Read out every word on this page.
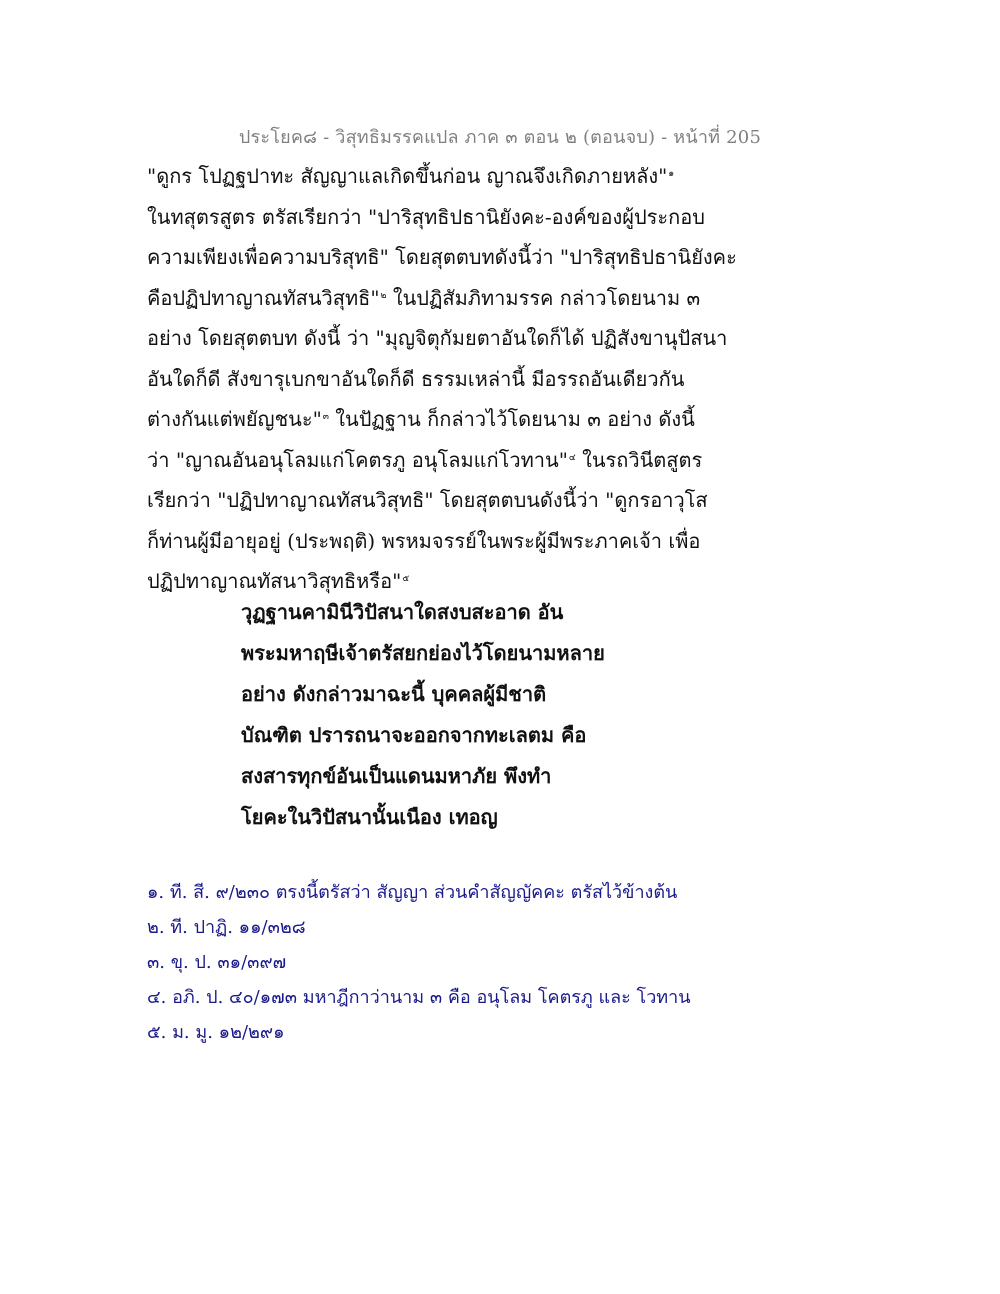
ประโยค๘ - วิสุทธิมรรคแปล ภาค ๓ ตอน ๒ (ตอนจบ) - หน้าที่ 205
"ดูกร โปฏฐปาทะ สัญญาแลเกิดขึ้นก่อน ญาณจึงเกิดภายหลัง"$^๑$
ในทสุตรสูตร ตรัสเรียกว่า "ปาริสุทธิปธานิยังคะ-องค์ของผู้ประกอบ
ความเพียงเพื่อความบริสุทธิ" โดยสุตตบทดังนี้ว่า "ปาริสุทธิปธานิยังคะ
คือปฏิปทาญาณทัสนวิสุทธิ"$^๒$ ในปฏิสัมภิทามรรค กล่าวโดยนาม ๓
อย่าง โดยสุตตบท ดังนี้ ว่า "มุญจิตุกัมยตาอันใดก็ได้ ปฏิสังขานุปัสนา
อันใดก็ดี สังขารุเบกขาอันใดก็ดี ธรรมเหล่านี้ มีอรรถอันเดียวกัน
ต่างกันแต่พยัญชนะ"$^๓$ ในปัฏฐาน ก็กล่าวไว้โดยนาม ๓ อย่าง ดังนี้
ว่า "ญาณอันอนุโลมแก่โคตรภู อนุโลมแก่โวทาน"$^๔$ ในรถวินีตสูตร
เรียกว่า "ปฏิปทาญาณทัสนวิสุทธิ" โดยสุตตบนดังนี้ว่า "ดูกรอาวุโส
ก็ท่านผู้มีอายุอยู่ (ประพฤติ) พรหมจรรย์ในพระผู้มีพระภาคเจ้า เพื่อ
ปฏิปทาญาณทัสนาวิสุทธิหรือ"$^๕$
วุฏฐานคามินีวิปัสนาใดสงบสะอาด อัน
พระมหาฤษีเจ้าตรัสยกย่องไว้โดยนามหลาย
อย่าง ดังกล่าวมาฉะนี้ บุคคลผู้มีชาติ
บัณฑิต ปรารถนาจะออกจากทะเลตม คือ
สงสารทุกข์อันเป็นแดนมหาภัย พึงทำ
โยคะในวิปัสนานั้นเนือง เทอญ
๑. ที. สี. ๙/๒๓๐ ตรงนี้ตรัสว่า สัญญา ส่วนคำสัญญัคคะ ตรัสไว้ข้างต้น
๒. ที. ปาฏิ. ๑๑/๓๒๘
๓. ขุ. ป. ๓๑/๓๙๗
๔. อภิ. ป. ๔๐/๑๗๓ มหาฎีกาว่านาม ๓ คือ อนุโลม โคตรภู และ โวทาน
๕. ม. มู. ๑๒/๒๙๑
